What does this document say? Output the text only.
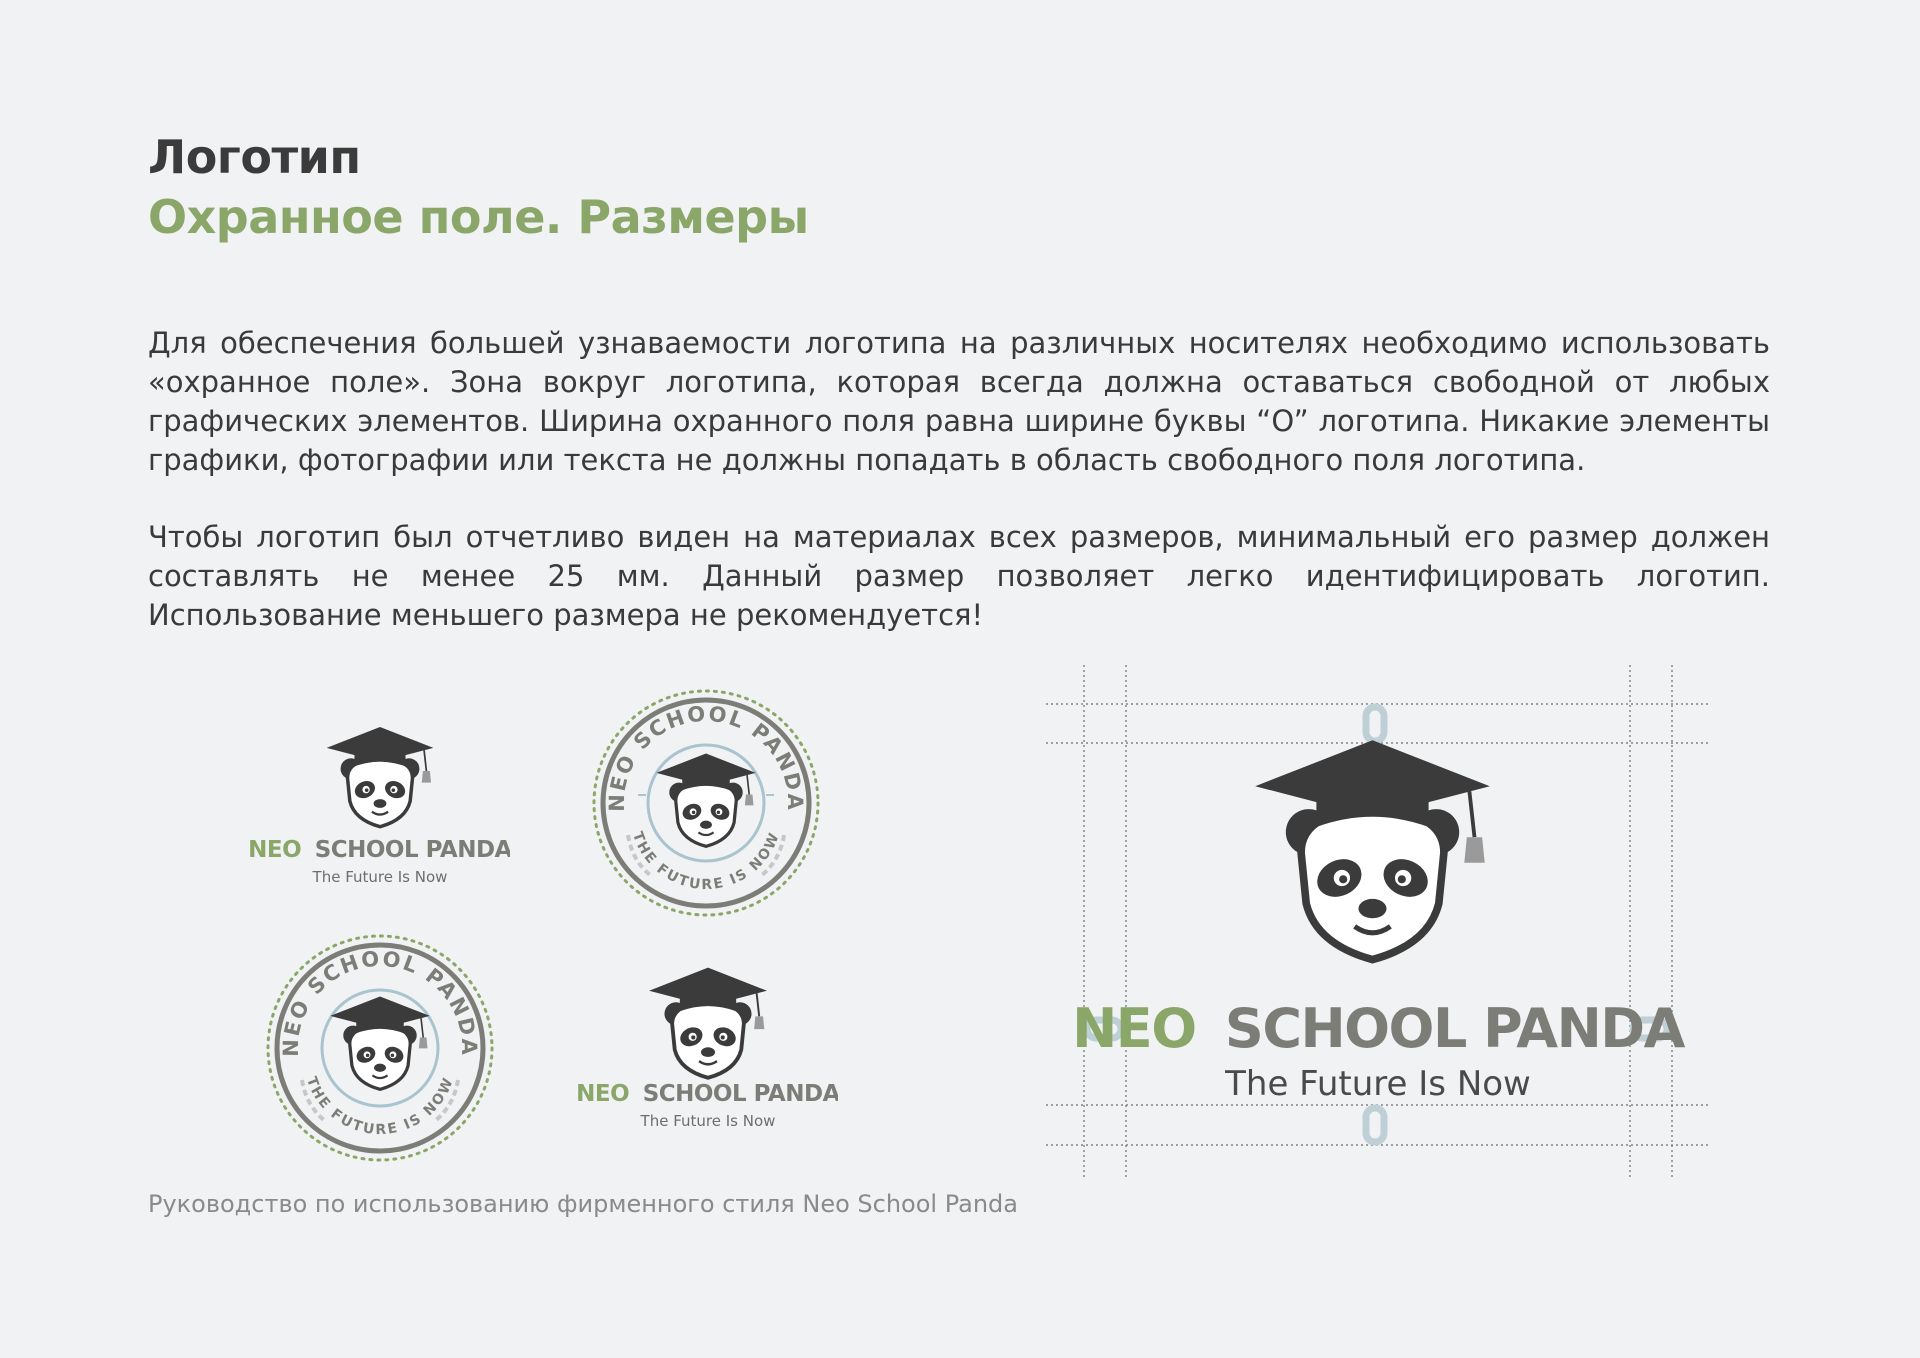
Логотип
Охранное поле. Размеры

Для обеспечения большей узнаваемости логотипа на различных носителях необходимо использовать «охранное поле». Зона вокруг логотипа, которая всегда должна оставаться свободной от любых графических элементов. Ширина охранного поля равна ширине буквы “O” логотипа. Никакие элементы графики, фотографии или текста не должны попадать в область свободного поля логотипа.

Чтобы логотип был отчетливо виден на материалах всех размеров, минимальный его размер должен составлять не менее 25 мм. Данный размер позволяет легко идентифицировать логотип. Использование меньшего размера не рекомендуется!

NEO SCHOOL PANDA
The Future Is Now
NEO SCHOOL PANDA
THE FUTURE IS NOW
NEO SCHOOL PANDA
THE FUTURE IS NOW	NEO SCHOOL PANDA
The Future Is Now
NEO SCHOOL PANDA
The Future Is Now

Руководство по использованию фирменного стиля Neo School Panda
